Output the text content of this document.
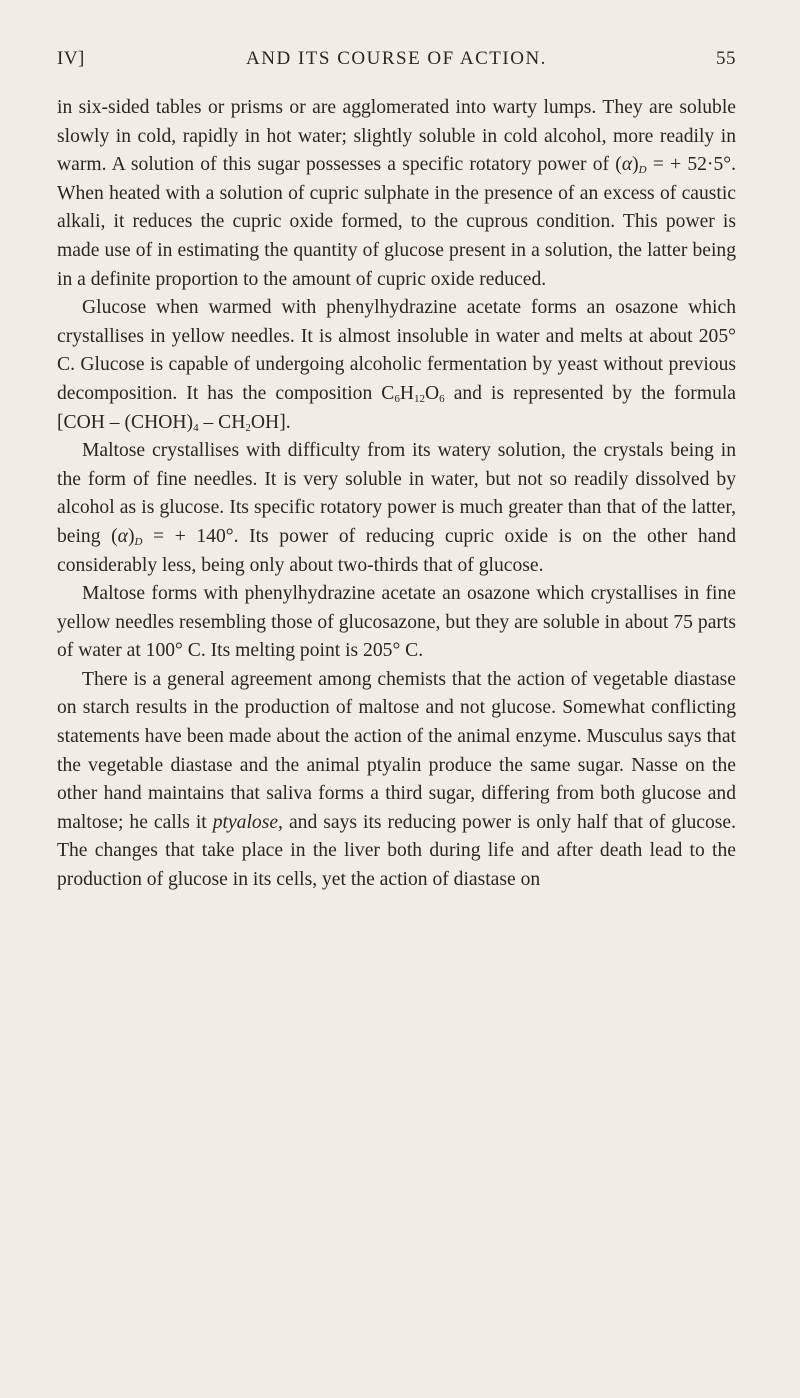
IV]	AND ITS COURSE OF ACTION.	55

in six-sided tables or prisms or are agglomerated into warty lumps. They are soluble slowly in cold, rapidly in hot water; slightly soluble in cold alcohol, more readily in warm. A solution of this sugar possesses a specific rotatory power of $(\alpha)_D$ = + 52·5°. When heated with a solution of cupric sulphate in the presence of an excess of caustic alkali, it reduces the cupric oxide formed, to the cuprous condition. This power is made use of in estimating the quantity of glucose present in a solution, the latter being in a definite proportion to the amount of cupric oxide reduced.

Glucose when warmed with phenylhydrazine acetate forms an osazone which crystallises in yellow needles. It is almost insoluble in water and melts at about 205° C. Glucose is capable of undergoing alcoholic fermentation by yeast without previous decomposition. It has the composition $C_6H_{12}O_6$ and is represented by the formula $[COH - (CHOH)_4 - CH_2OH]$.

Maltose crystallises with difficulty from its watery solution, the crystals being in the form of fine needles. It is very soluble in water, but not so readily dissolved by alcohol as is glucose. Its specific rotatory power is much greater than that of the latter, being $(\alpha)_D$ = + 140°. Its power of reducing cupric oxide is on the other hand considerably less, being only about two-thirds that of glucose.

Maltose forms with phenylhydrazine acetate an osazone which crystallises in fine yellow needles resembling those of glucosazone, but they are soluble in about 75 parts of water at 100° C. Its melting point is 205° C.

There is a general agreement among chemists that the action of vegetable diastase on starch results in the production of maltose and not glucose. Somewhat conflicting statements have been made about the action of the animal enzyme. Musculus says that the vegetable diastase and the animal ptyalin produce the same sugar. Nasse on the other hand maintains that saliva forms a third sugar, differing from both glucose and maltose; he calls it ptyalose, and says its reducing power is only half that of glucose. The changes that take place in the liver both during life and after death lead to the production of glucose in its cells, yet the action of diastase on
